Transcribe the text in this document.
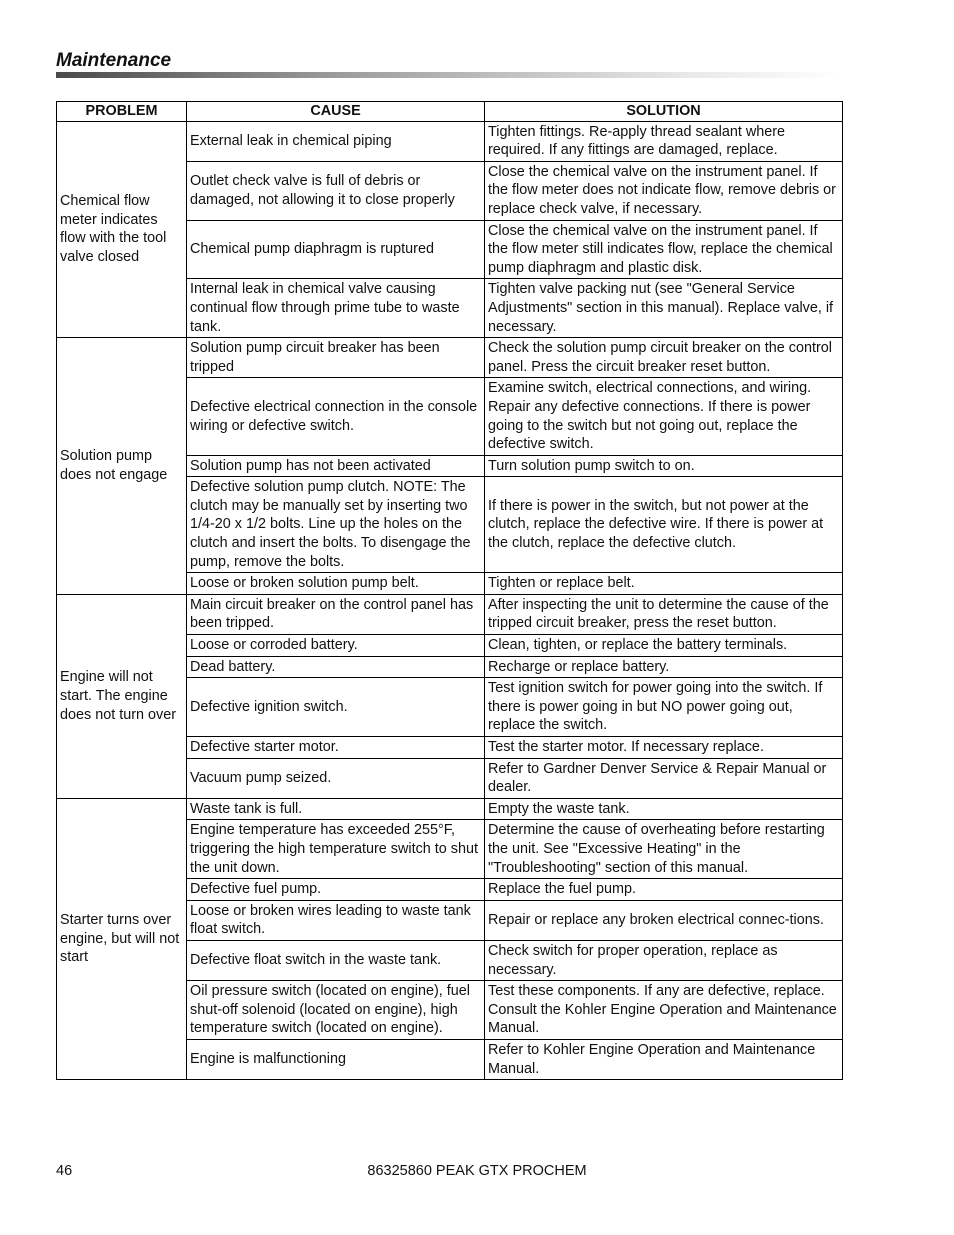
Maintenance
PROBLEM	CAUSE	SOLUTION
Chemical flow meter indicates flow with the tool valve closed	External leak in chemical piping	Tighten fittings. Re-apply thread sealant where required. If any fittings are damaged, replace.
	Outlet check valve is full of debris or damaged, not allowing it to close properly	Close the chemical valve on the instrument panel. If the flow meter does not indicate flow, remove debris or replace check valve, if necessary.
	Chemical pump diaphragm is ruptured	Close the chemical valve on the instrument panel. If the flow meter still indicates flow, replace the chemical pump diaphragm and plastic disk.
	Internal leak in chemical valve causing continual flow through prime tube to waste tank.	Tighten valve packing nut (see "General Service Adjustments" section in this manual). Replace valve, if necessary.
Solution pump does not engage	Solution pump circuit breaker has been tripped	Check the solution pump circuit breaker on the control panel. Press the circuit breaker reset button.
	Defective electrical connection in the console wiring or defective switch.	Examine switch, electrical connections, and wiring. Repair any defective connections. If there is power going to the switch but not going out, replace the defective switch.
	Solution pump has not been activated	Turn solution pump switch to on.
	Defective solution pump clutch. NOTE: The clutch may be manually set by inserting two 1/4-20 x 1/2 bolts. Line up the holes on the clutch and insert the bolts. To disengage the pump, remove the bolts.	If there is power in the switch, but not power at the clutch, replace the defective wire. If there is power at the clutch, replace the defective clutch.
	Loose or broken solution pump belt.	Tighten or replace belt.
Engine will not start. The engine does not turn over	Main circuit breaker on the control panel has been tripped.	After inspecting the unit to determine the cause of the tripped circuit breaker, press the reset button.
	Loose or corroded battery.	Clean, tighten, or replace the battery terminals.
	Dead battery.	Recharge or replace battery.
	Defective ignition switch.	Test ignition switch for power going into the switch. If there is power going in but NO power going out, replace the switch.
	Defective starter motor.	Test the starter motor. If necessary replace.
	Vacuum pump seized.	Refer to Gardner Denver Service & Repair Manual or dealer.
Starter turns over engine, but will not start	Waste tank is full.	Empty the waste tank.
	Engine temperature has exceeded 255°F, triggering the high temperature switch to shut the unit down.	Determine the cause of overheating before restarting the unit. See "Excessive Heating" in the "Troubleshooting" section of this manual.
	Defective fuel pump.	Replace the fuel pump.
	Loose or broken wires leading to waste tank float switch.	Repair or replace any broken electrical connec-tions.
	Defective float switch in the waste tank.	Check switch for proper operation, replace as necessary.
	Oil pressure switch (located on engine), fuel shut-off solenoid (located on engine), high temperature switch (located on engine).	Test these components. If any are defective, replace. Consult the Kohler Engine Operation and Maintenance Manual.
	Engine is malfunctioning	Refer to Kohler Engine Operation and Maintenance Manual.
46	86325860 PEAK GTX PROCHEM
